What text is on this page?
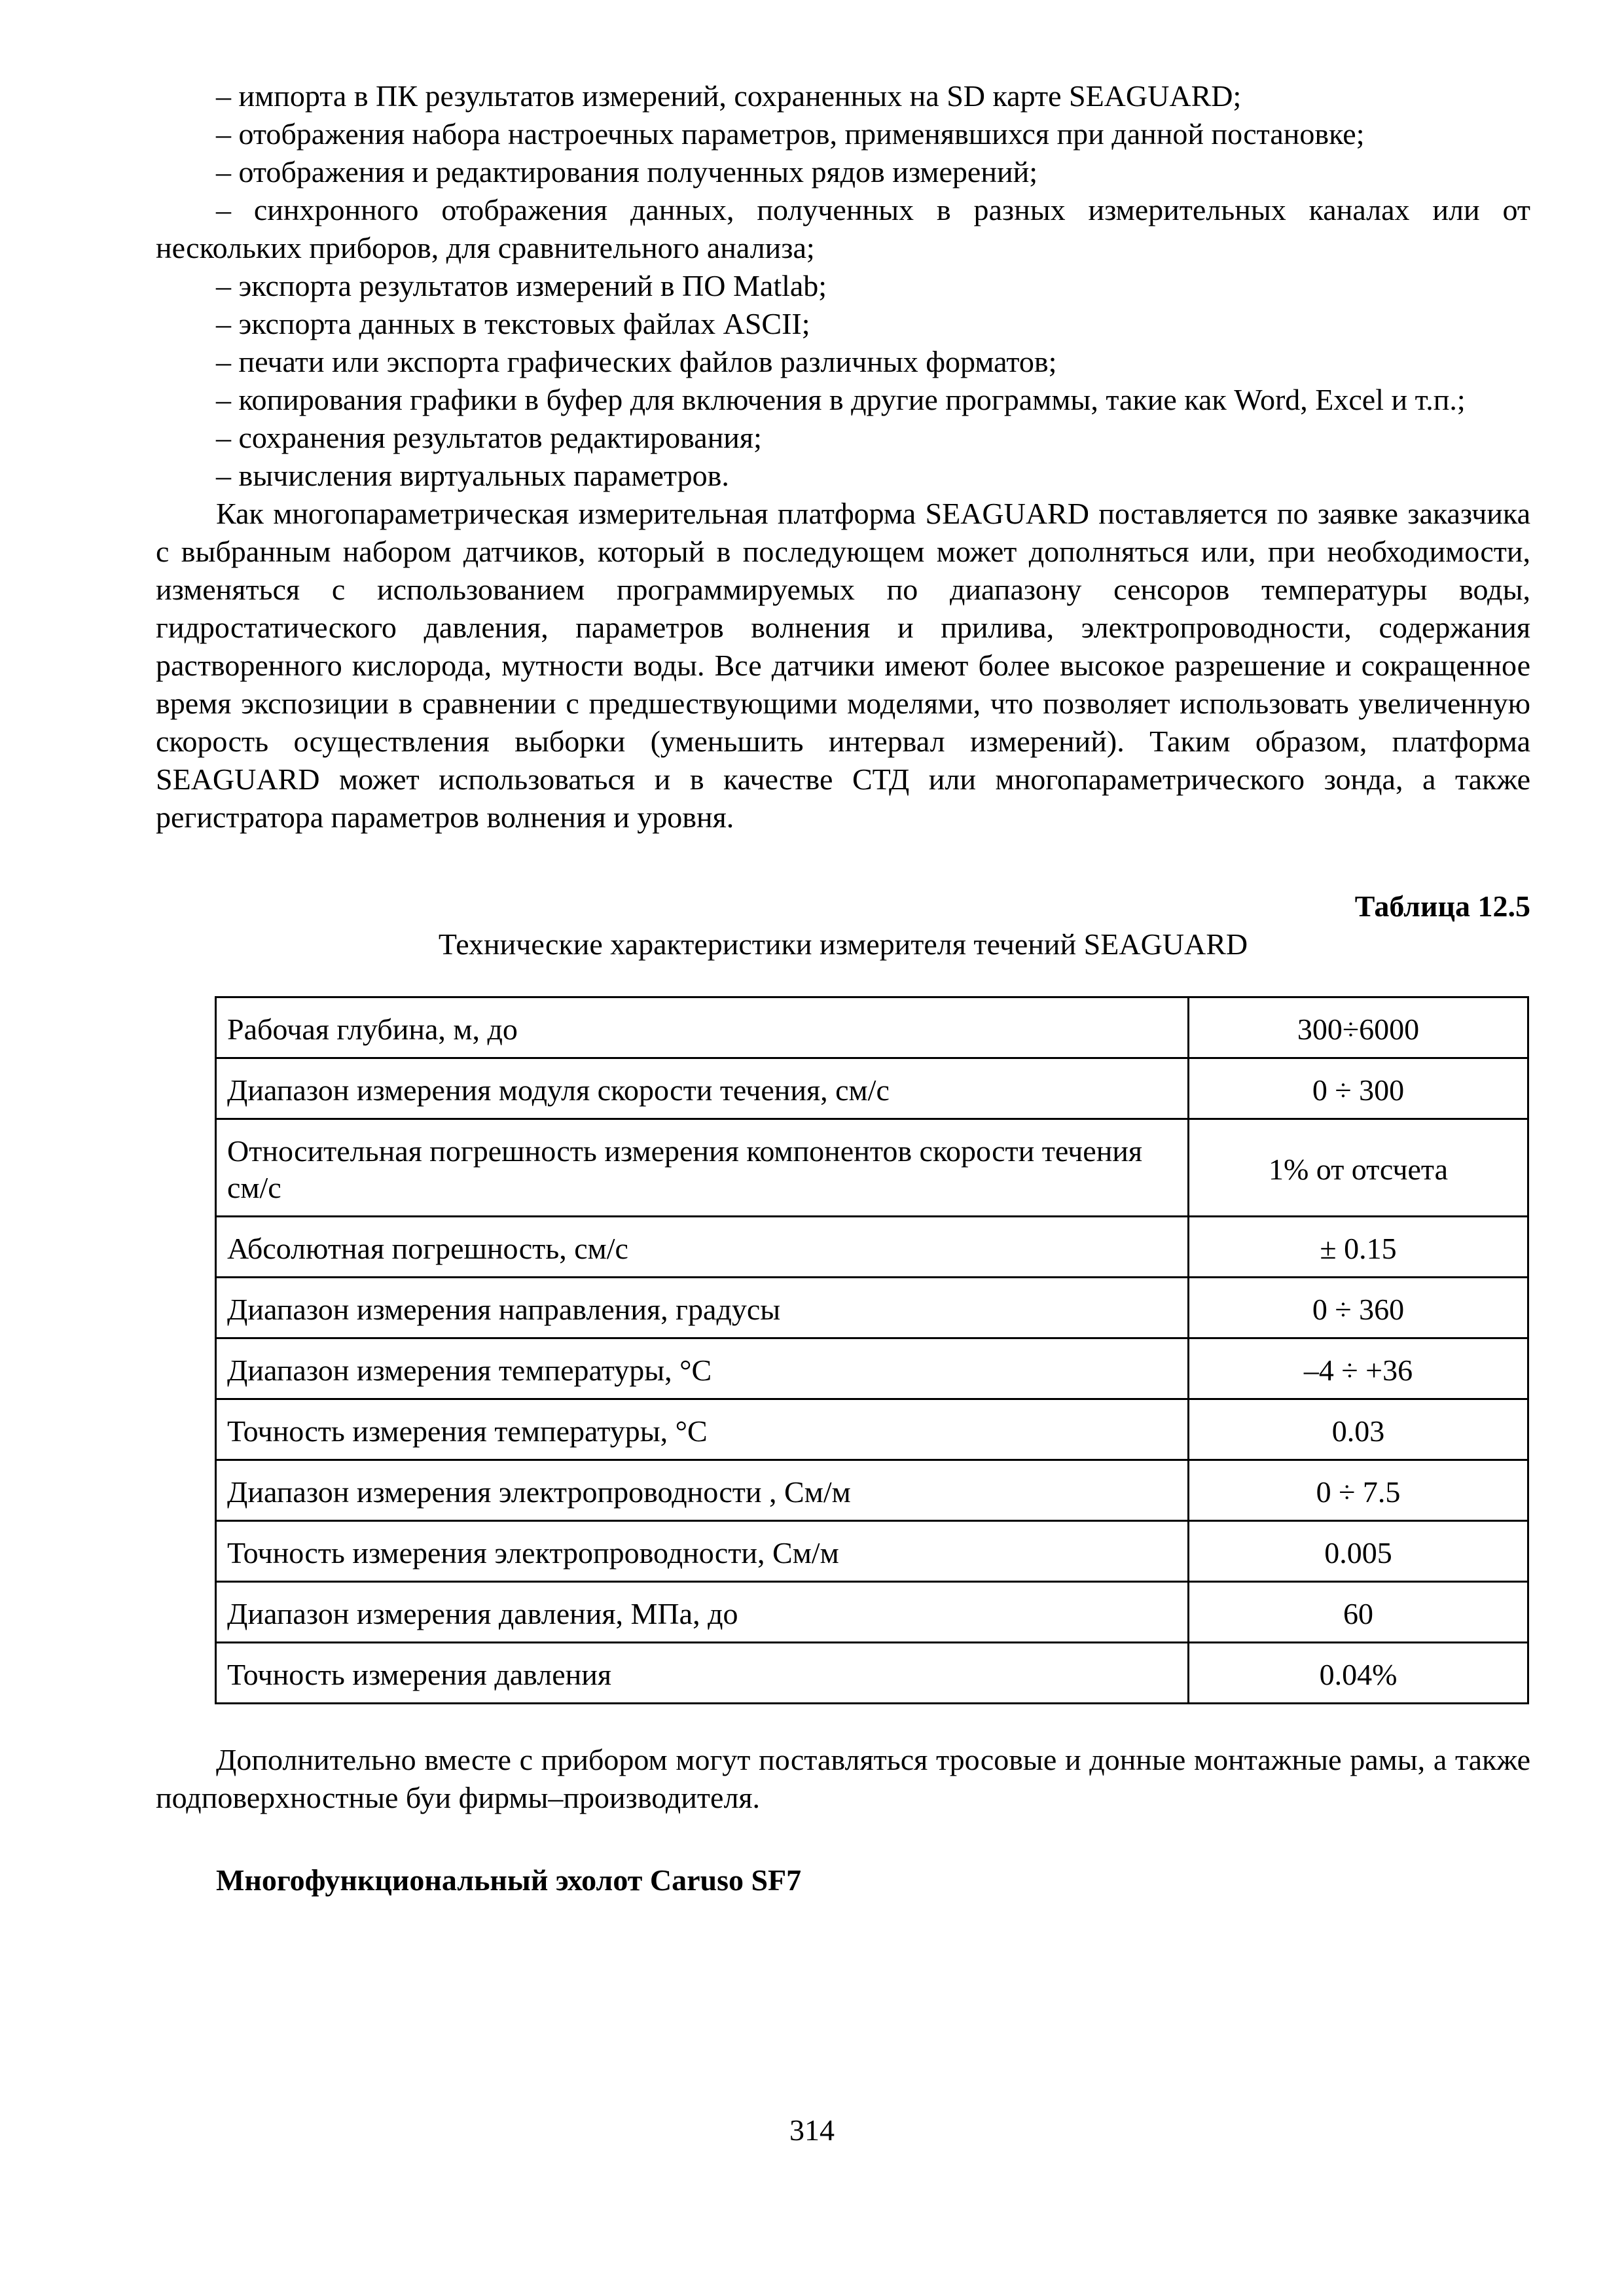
– импорта в ПК результатов измерений, сохраненных на SD карте SEAGUARD;

– отображения набора настроечных параметров, применявшихся при данной постановке;

– отображения и редактирования полученных рядов измерений;

– синхронного отображения данных, полученных в разных измерительных каналах или от нескольких приборов, для сравнительного анализа;

– экспорта результатов измерений в ПО Matlab;

– экспорта данных в текстовых файлах ASCII;

– печати или экспорта графических файлов различных форматов;

– копирования графики в буфер для включения в другие программы, такие как Word, Excel и т.п.;

– сохранения результатов редактирования;

– вычисления виртуальных параметров.

Как многопараметрическая измерительная платформа SEAGUARD поставляется по заявке заказчика с выбранным набором датчиков, который в последующем может дополняться или, при необходимости, изменяться с использованием программируемых по диапазону сенсоров температуры воды, гидростатического давления, параметров волнения и прилива, электропроводности, содержания растворенного кислорода, мутности воды. Все датчики имеют более высокое разрешение и сокращенное время экспозиции в сравнении с предшествующими моделями, что позволяет использовать увеличенную скорость осуществления выборки (уменьшить интервал измерений). Таким образом, платформа SEAGUARD может использоваться и в качестве СТД или многопараметрического зонда, а также регистратора параметров волнения и уровня.

Таблица 12.5

Технические характеристики измерителя течений SEAGUARD

Рабочая глубина, м, до	300÷6000
Диапазон измерения модуля скорости течения, см/с	0 ÷ 300
Относительная погрешность измерения компонентов скорости течения см/с	1% от отсчета
Абсолютная погрешность, см/с	± 0.15
Диапазон измерения направления, градусы	0 ÷ 360
Диапазон измерения температуры, °С	–4 ÷ +36
Точность измерения температуры, °С	0.03
Диапазон измерения электропроводности , См/м	0 ÷ 7.5
Точность измерения электропроводности, См/м	0.005
Диапазон измерения давления, МПа, до	60
Точность измерения давления	0.04%

Дополнительно вместе с прибором могут поставляться тросовые и донные монтажные рамы, а также подповерхностные буи фирмы–производителя.

Многофункциональный эхолот Caruso SF7

314
